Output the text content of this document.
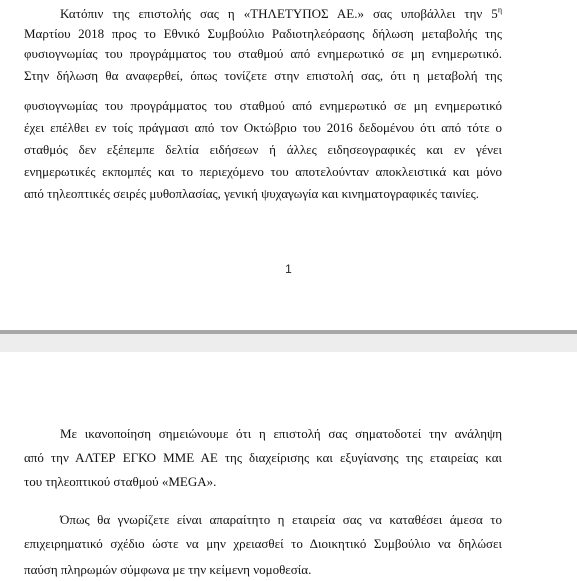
Κατόπιν της επιστολής σας η «ΤΗΛΕΤΥΠΟΣ ΑΕ.» σας υποβάλλει την $5^\eta$
Μαρτίου 2018 προς το Εθνικό Συμβούλιο Ραδιοτηλεόρασης δήλωση μεταβολής της
φυσιογνωμίας του προγράμματος του σταθμού από ενημερωτικό σε μη ενημερωτικό.
Στην δήλωση θα αναφερθεί, όπως τονίζετε στην επιστολή σας, ότι η μεταβολή της
φυσιογνωμίας του προγράμματος του σταθμού από ενημερωτικό σε μη ενημερωτικό
έχει επέλθει εν τοίς πράγμασι από τον Οκτώβριο του 2016 δεδομένου ότι από τότε ο
σταθμός δεν εξέπεμπε δελτία ειδήσεων ή άλλες ειδησεογραφικές και εν γένει
ενημερωτικές εκπομπές και το περιεχόμενο του αποτελούνταν αποκλειστικά και μόνο
από τηλεοπτικές σειρές μυθοπλασίας, γενική ψυχαγωγία και κινηματογραφικές ταινίες.
1
Με ικανοποίηση σημειώνουμε ότι η επιστολή σας σηματοδοτεί την ανάληψη
από την ΑΛΤΕΡ ΕΓΚΟ ΜΜΕ ΑΕ της διαχείρισης και εξυγίανσης της εταιρείας και
του τηλεοπτικού σταθμού «MEGA».
Όπως θα γνωρίζετε είναι απαραίτητο η εταιρεία σας να καταθέσει άμεσα το
επιχειρηματικό σχέδιο ώστε να μην χρειασθεί το Διοικητικό Συμβούλιο να δηλώσει
παύση πληρωμών σύμφωνα με την κείμενη νομοθεσία.
